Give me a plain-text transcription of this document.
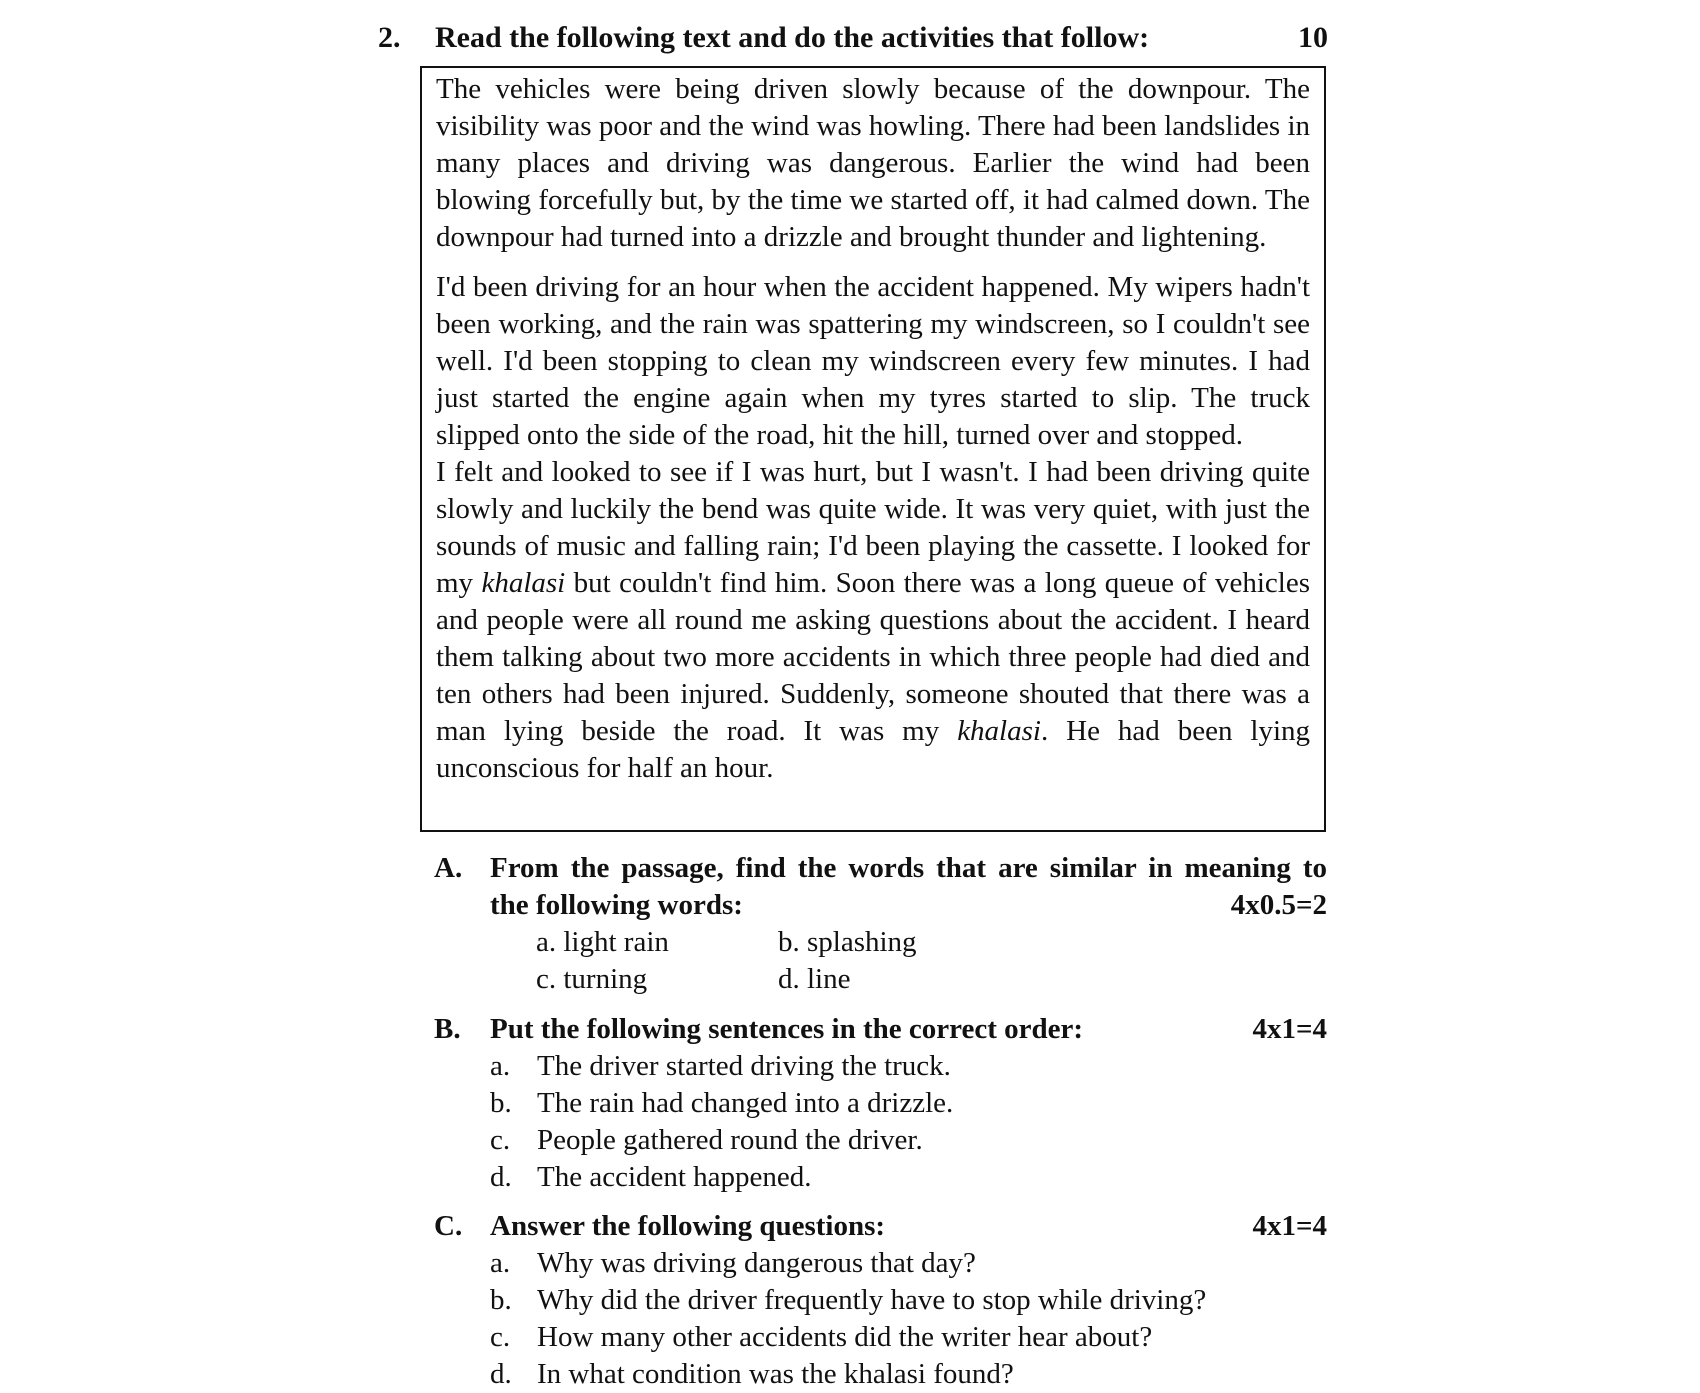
2. Read the following text and do the activities that follow:	10

The vehicles were being driven slowly because of the downpour. The visibility was poor and the wind was howling. There had been landslides in many places and driving was dangerous. Earlier the wind had been blowing forcefully but, by the time we started off, it had calmed down. The downpour had turned into a drizzle and brought thunder and lightening.

I'd been driving for an hour when the accident happened. My wipers hadn't been working, and the rain was spattering my windscreen, so I couldn't see well. I'd been stopping to clean my windscreen every few minutes. I had just started the engine again when my tyres started to slip. The truck slipped onto the side of the road, hit the hill, turned over and stopped.

I felt and looked to see if I was hurt, but I wasn't. I had been driving quite slowly and luckily the bend was quite wide. It was very quiet, with just the sounds of music and falling rain; I'd been playing the cassette. I looked for my khalasi but couldn't find him. Soon there was a long queue of vehicles and people were all round me asking questions about the accident. I heard them talking about two more accidents in which three people had died and ten others had been injured. Suddenly, someone shouted that there was a man lying beside the road. It was my khalasi. He had been lying unconscious for half an hour.

A. From the passage, find the words that are similar in meaning to
the following words:	4x0.5=2
a. light rain	b. splashing
c. turning	d. line
B. Put the following sentences in the correct order:	4x1=4
a. The driver started driving the truck.
b. The rain had changed into a drizzle.
c. People gathered round the driver.
d. The accident happened.
C. Answer the following questions:	4x1=4
a. Why was driving dangerous that day?
b. Why did the driver frequently have to stop while driving?
c. How many other accidents did the writer hear about?
d. In what condition was the khalasi found?
